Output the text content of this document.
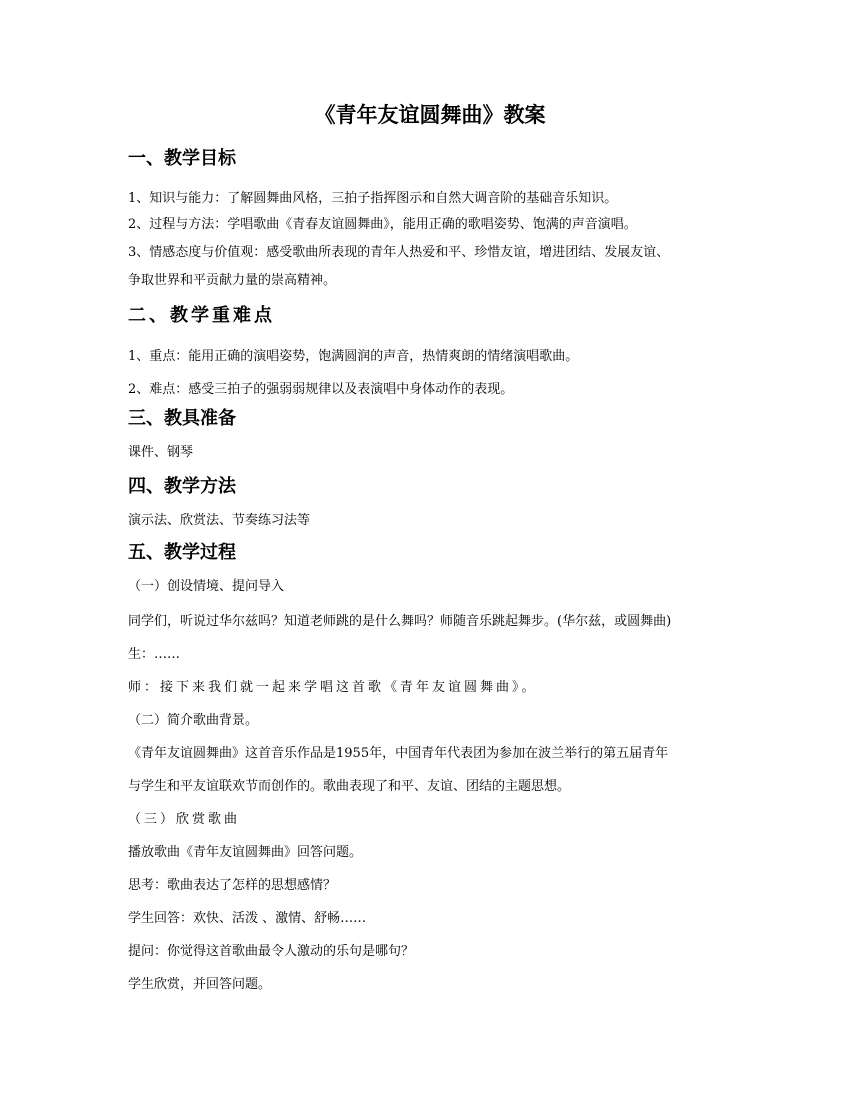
《青年友谊圆舞曲》教案
一、教学目标
1、知识与能力：了解圆舞曲风格，三拍子指挥图示和自然大调音阶的基础音乐知识。
2、过程与方法：学唱歌曲《青春友谊圆舞曲》，能用正确的歌唱姿势、饱满的声音演唱。
3、情感态度与价值观：感受歌曲所表现的青年人热爱和平、珍惜友谊，增进团结、发展友谊、
争取世界和平贡献力量的崇高精神。
二、教学重难点
1、重点：能用正确的演唱姿势，饱满圆润的声音，热情爽朗的情绪演唱歌曲。
2、难点：感受三拍子的强弱弱规律以及表演唱中身体动作的表现。
三、教具准备
课件、钢琴
四、教学方法
演示法、欣赏法、节奏练习法等
五、教学过程
（一）创设情境、提问导入
同学们，听说过华尔兹吗？知道老师跳的是什么舞吗？师随音乐跳起舞步。(华尔兹，或圆舞曲)
生：……
师：接下来我们就一起来学唱这首歌《青年友谊圆舞曲》。
（二）简介歌曲背景。
《青年友谊圆舞曲》这首音乐作品是1955年，中国青年代表团为参加在波兰举行的第五届青年
与学生和平友谊联欢节而创作的。歌曲表现了和平、友谊、团结的主题思想。
（三）欣赏歌曲
播放歌曲《青年友谊圆舞曲》回答问题。
思考：歌曲表达了怎样的思想感情？
学生回答：欢快、活泼 、激情、舒畅……
提问：你觉得这首歌曲最令人激动的乐句是哪句？
学生欣赏，并回答问题。
